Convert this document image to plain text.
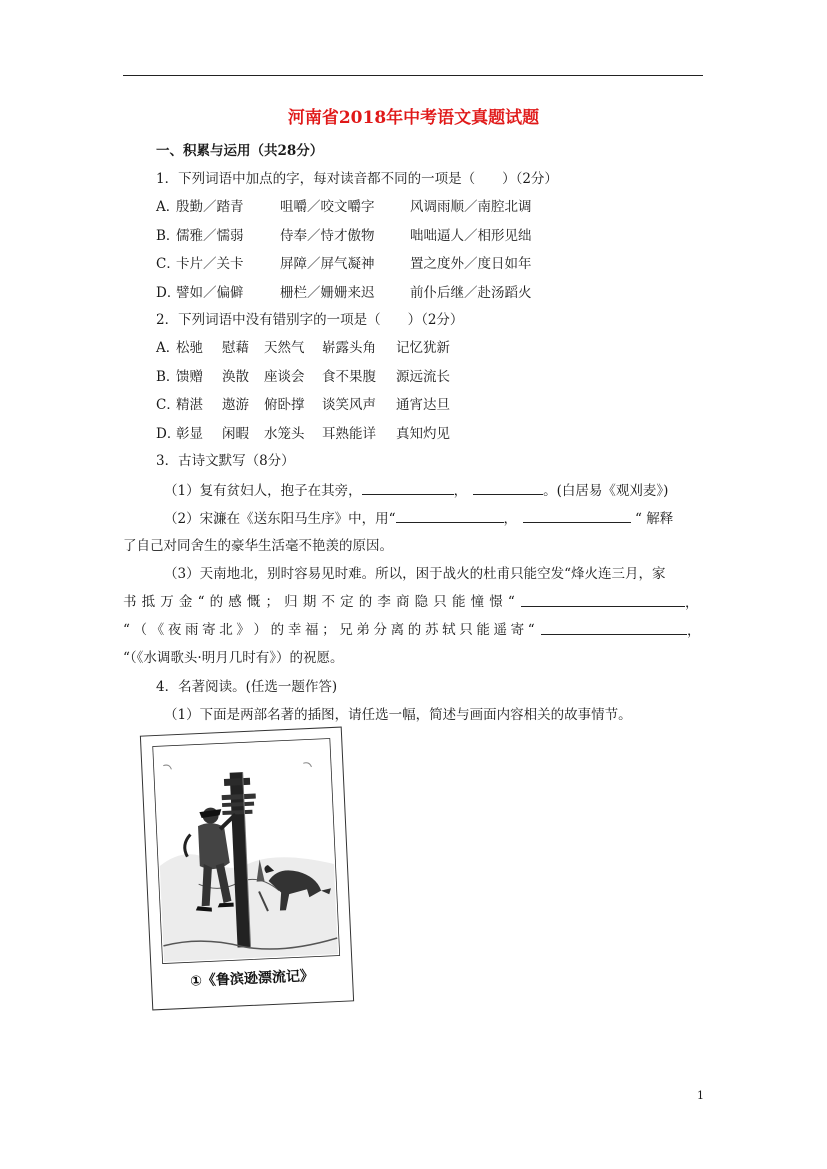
河南省2018年中考语文真题试题
一、积累与运用（共28分）
1．下列词语中加点的字，每对读音都不同的一项是（　　）（2分）
A．
殷勤／踏青	咀嚼／咬文嚼字	风调雨顺／南腔北调
B．
儒雅／懦弱	侍奉／恃才傲物	咄咄逼人／相形见绌
C．
卡片／关卡	屏障／屏气凝神	置之度外／度日如年
D．
譬如／偏僻	栅栏／姗姗来迟	前仆后继／赴汤蹈火
2．下列词语中没有错别字的一项是（　　）（2分）
A．
松驰 慰藉 天然气 崭露头角 记忆犹新
B．
馈赠 涣散 座谈会 食不果腹 源远流长
C．
精湛 遨游 俯卧撑 谈笑风声 通宵达旦
D．
彰显 闲暇 水笼头 耳熟能详 真知灼见
3．古诗文默写（8分）
（1）复有贫妇人，抱子在其旁，	，	。(白居易《观刈麦》)
（2）宋濂在《送东阳马生序》中，用“	，	“ 解释
了自己对同舍生的豪华生活毫不艳羡的原因。
（3）天南地北，别时容易见时难。所以，困于战火的杜甫只能空发“烽火连三月，家
书 抵 万 金 “ 的 感 慨 ； 归 期 不 定 的 李 商 隐 只 能 憧 憬 “	，
“ （ 《 夜 雨 寄 北 》 ） 的 幸 福 ； 兄 弟 分 离 的 苏 轼 只 能 遥 寄 “	，
“（《水调歌头·明月几时有》）的祝愿。
4．名著阅读。(任选一题作答)
（1）下面是两部名著的插图，请任选一幅，简述与画面内容相关的故事情节。
①《鲁滨逊漂流记》
1
